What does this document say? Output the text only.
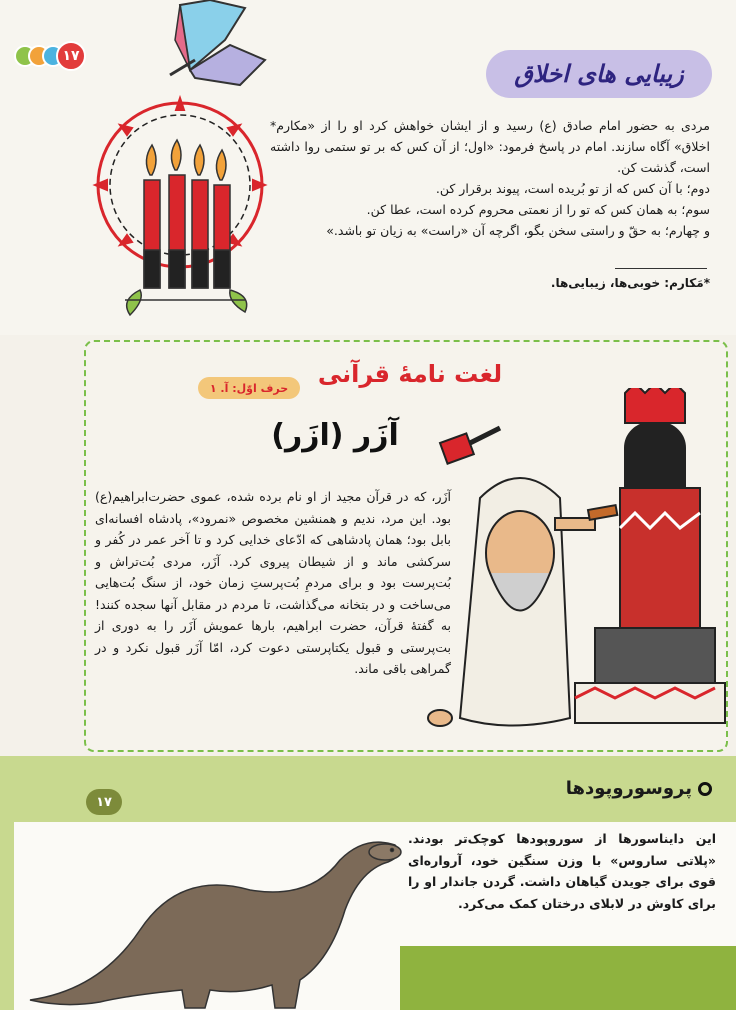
۱۷
زیبایی های اخلاق

مردی به حضور امام صادق (ع) رسید و از ایشان خواهش کرد او را از «مکارم* اخلاق» آگاه سازند. امام در پاسخ فرمود: «اول؛ از آن کس که بر تو ستمی روا داشته است، گذشت کن.

دوم؛ با آن کس که از تو بُریده است، پیوند برقرار کن.

سوم؛ به همان کس که تو را از نعمتی محروم کرده است، عطا کن.

و چهارم؛ به حقّ و راستی سخن بگو، اگرچه آن «راست» به زیان تو باشد.»

*مَکارم: خوبی‌ها، زیبایی‌ها.
لغت نامهٔ قرآنی
حرف اوّل: آ. ۱
آزَر (ازَر)
آزَر، که در قرآن مجید از او نام برده شده، عموی حضرت‌ابراهیم(ع) بود. این مرد، ندیم و همنشین مخصوص «نمرود»، پادشاه افسانه‌ای بابل بود؛ همان پادشاهی که ادّعای خدایی کرد و تا آخر عمر در کُفر و سرکشی ماند و از شیطان پیروی کرد. آزَر، مردی بُت‌تراش و بُت‌پرست بود و برای مردمِ بُت‌پرستِ زمان خود، از سنگ بُت‌هایی می‌ساخت و در بتخانه می‌گذاشت، تا مردم در مقابل آنها سجده کنند! به گفتهٔ قرآن، حضرت ابراهیم، بارها عمویش آزَر را به دوری از بت‌پرستی و قبول یکتاپرستی دعوت کرد، امّا آزَر قبول نکرد و در گمراهی باقی ماند.
۱۷
پروسوروپودها
این دایناسورها از سوروپودها کوچک‌تر بودند. «پلاتی ساروس» با وزن سنگین خود، آرواره‌ای قوی برای جویدن گیاهان داشت. گردن جاندار او را برای کاوش در لابلای درختان کمک می‌کرد.
